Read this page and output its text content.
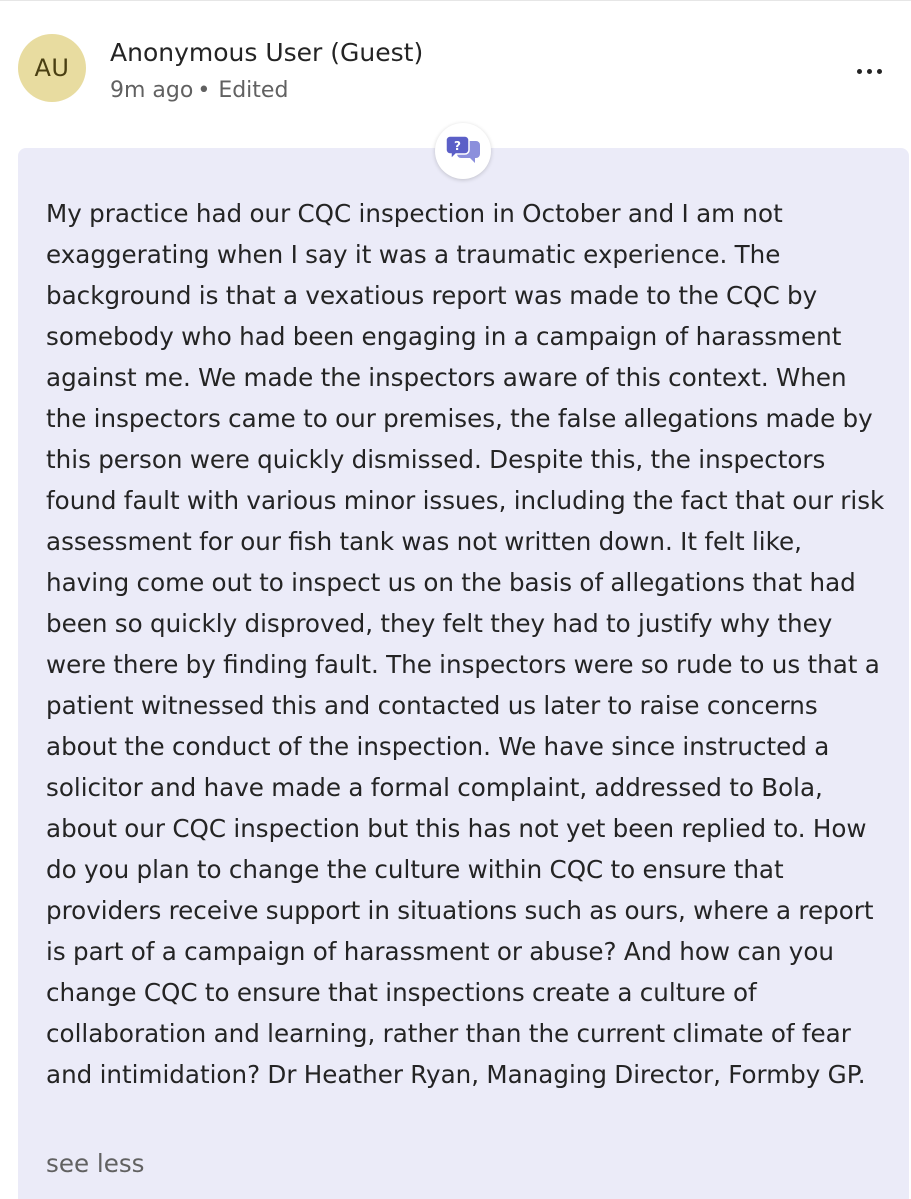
AU
Anonymous User (Guest)
9m ago • Edited
?

My practice had our CQC inspection in October and I am not exaggerating when I say it was a traumatic experience. The background is that a vexatious report was made to the CQC by somebody who had been engaging in a campaign of harassment against me. We made the inspectors aware of this context. When the inspectors came to our premises, the false allegations made by this person were quickly dismissed. Despite this, the inspectors found fault with various minor issues, including the fact that our risk assessment for our fish tank was not written down. It felt like, having come out to inspect us on the basis of allegations that had been so quickly disproved, they felt they had to justify why they were there by finding fault. The inspectors were so rude to us that a patient witnessed this and contacted us later to raise concerns about the conduct of the inspection. We have since instructed a solicitor and have made a formal complaint, addressed to Bola, about our CQC inspection but this has not yet been replied to. How do you plan to change the culture within CQC to ensure that providers receive support in situations such as ours, where a report is part of a campaign of harassment or abuse? And how can you change CQC to ensure that inspections create a culture of collaboration and learning, rather than the current climate of fear and intimidation? Dr Heather Ryan, Managing Director, Formby GP.

see less
